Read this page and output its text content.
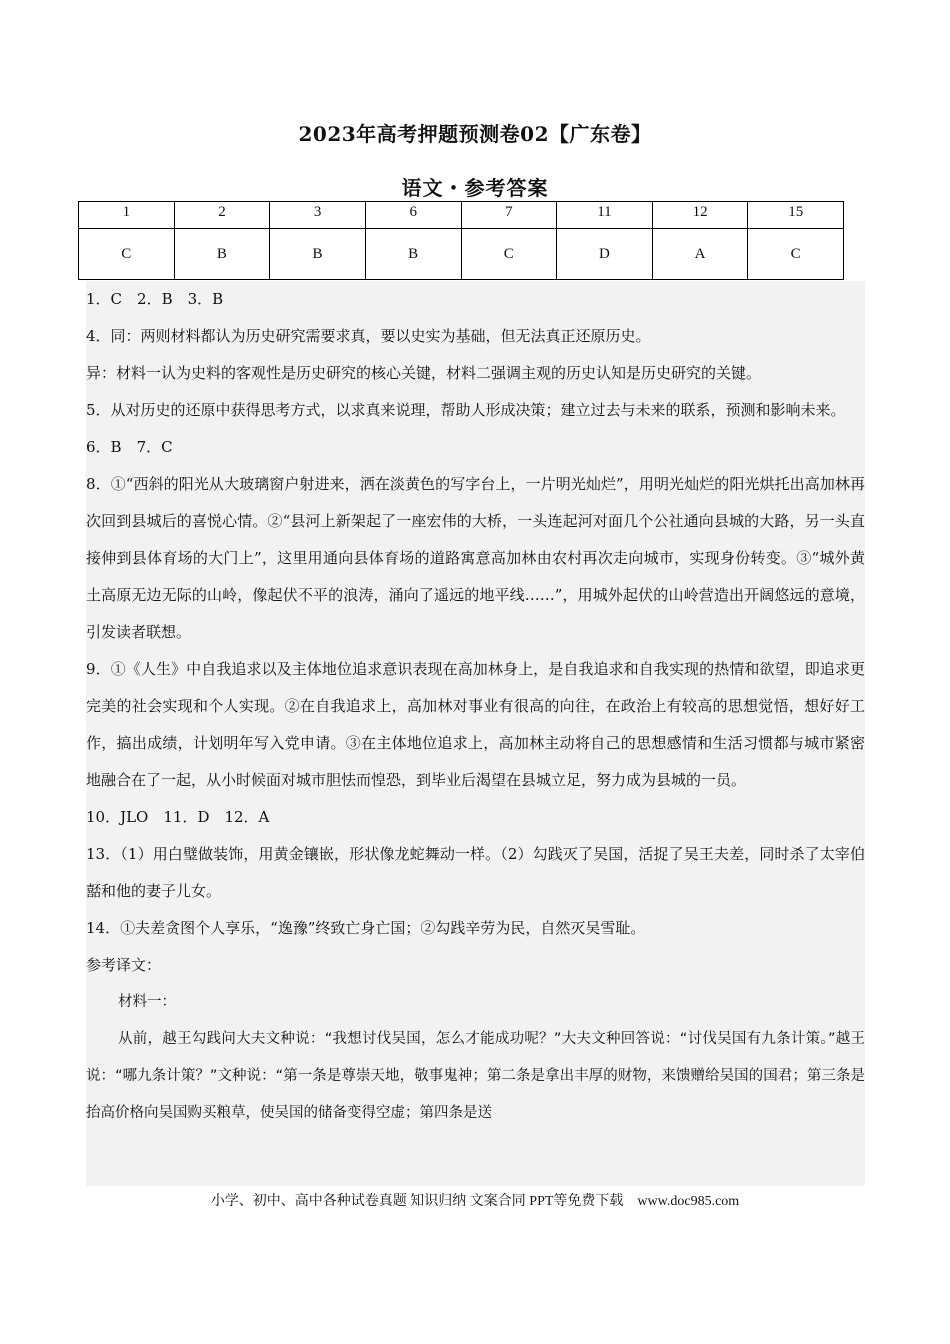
2023年高考押题预测卷02【广东卷】
语文・参考答案
1	2	3	6	7	11	12	15
C	B	B	B	C	D	A	C

1．C　2．B　3．B

4．同：两则材料都认为历史研究需要求真，要以史实为基础，但无法真正还原历史。

异：材料一认为史料的客观性是历史研究的核心关键，材料二强调主观的历史认知是历史研究的关键。

5．从对历史的还原中获得思考方式，以求真来说理，帮助人形成决策；建立过去与未来的联系，预测和影响未来。

6．B　7．C

8．①“西斜的阳光从大玻璃窗户射进来，洒在淡黄色的写字台上，一片明光灿烂”，用明光灿烂的阳光烘托出高加林再次回到县城后的喜悦心情。②“县河上新架起了一座宏伟的大桥，一头连起河对面几个公社通向县城的大路，另一头直接伸到县体育场的大门上”，这里用通向县体育场的道路寓意高加林由农村再次走向城市，实现身份转变。③“城外黄土高原无边无际的山岭，像起伏不平的浪涛，涌向了遥远的地平线……”，用城外起伏的山岭营造出开阔悠远的意境，引发读者联想。

9．①《人生》中自我追求以及主体地位追求意识表现在高加林身上，是自我追求和自我实现的热情和欲望，即追求更完美的社会实现和个人实现。②在自我追求上，高加林对事业有很高的向往，在政治上有较高的思想觉悟，想好好工作，搞出成绩，计划明年写入党申请。③在主体地位追求上，高加林主动将自己的思想感情和生活习惯都与城市紧密地融合在了一起，从小时候面对城市胆怯而惶恐，到毕业后渴望在县城立足，努力成为县城的一员。

10．JLO　11．D　12．A

13．（1）用白璧做装饰，用黄金镶嵌，形状像龙蛇舞动一样。（2）勾践灭了吴国，活捉了吴王夫差，同时杀了太宰伯嚭和他的妻子儿女。

14．①夫差贪图个人享乐，“逸豫”终致亡身亡国；②勾践辛劳为民，自然灭吴雪耻。

参考译文：

材料一：

从前，越王勾践问大夫文种说：“我想讨伐吴国，怎么才能成功呢？”大夫文种回答说：“讨伐吴国有九条计策。”越王说：“哪九条计策？”文种说：“第一条是尊崇天地，敬事鬼神；第二条是拿出丰厚的财物，来馈赠给吴国的国君；第三条是抬高价格向吴国购买粮草，使吴国的储备变得空虚；第四条是送

小学、初中、高中各种试卷真题 知识归纳 文案合同 PPT等免费下载　www.doc985.com
